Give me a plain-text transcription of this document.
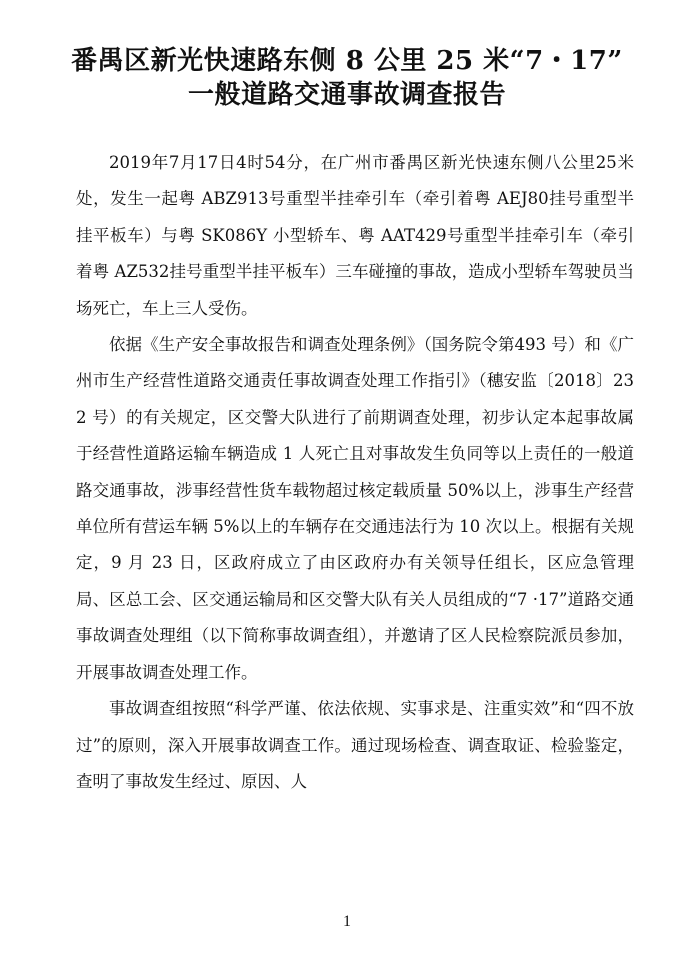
番禺区新光快速路东侧 8 公里 25 米“7・17”
一般道路交通事故调查报告

2019年7月17日4时54分，在广州市番禺区新光快速东侧八公里25米处，发生一起粤 ABZ913号重型半挂牵引车（牵引着粤 AEJ80挂号重型半挂平板车）与粤 SK086Y 小型轿车、粤 AAT429号重型半挂牵引车（牵引着粤 AZ532挂号重型半挂平板车）三车碰撞的事故，造成小型轿车驾驶员当场死亡，车上三人受伤。

依据《生产安全事故报告和调查处理条例》（国务院令第493 号）和《广州市生产经营性道路交通责任事故调查处理工作指引》（穗安监〔2018〕232 号）的有关规定，区交警大队进行了前期调查处理，初步认定本起事故属于经营性道路运输车辆造成 1 人死亡且对事故发生负同等以上责任的一般道路交通事故，涉事经营性货车载物超过核定载质量 50%以上，涉事生产经营单位所有营运车辆 5%以上的车辆存在交通违法行为 10 次以上。根据有关规定，9 月 23 日，区政府成立了由区政府办有关领导任组长，区应急管理局、区总工会、区交通运输局和区交警大队有关人员组成的“7 ·17”道路交通事故调查处理组（以下简称事故调查组），并邀请了区人民检察院派员参加，开展事故调查处理工作。

事故调查组按照“科学严谨、依法依规、实事求是、注重实效”和“四不放过”的原则，深入开展事故调查工作。通过现场检查、调查取证、检验鉴定，查明了事故发生经过、原因、人

1
